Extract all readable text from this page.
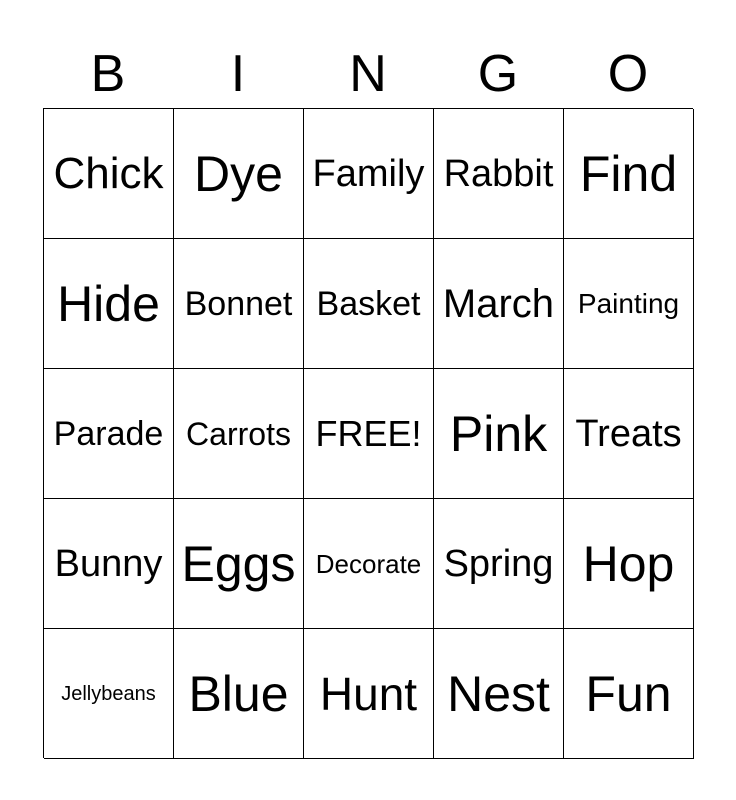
B	I	N	G	O
Chick Dye Family Rabbit Find
Hide Bonnet Basket March Painting
Parade Carrots FREE! Pink Treats
Bunny Eggs Decorate Spring Hop
Jellybeans Blue Hunt Nest Fun
